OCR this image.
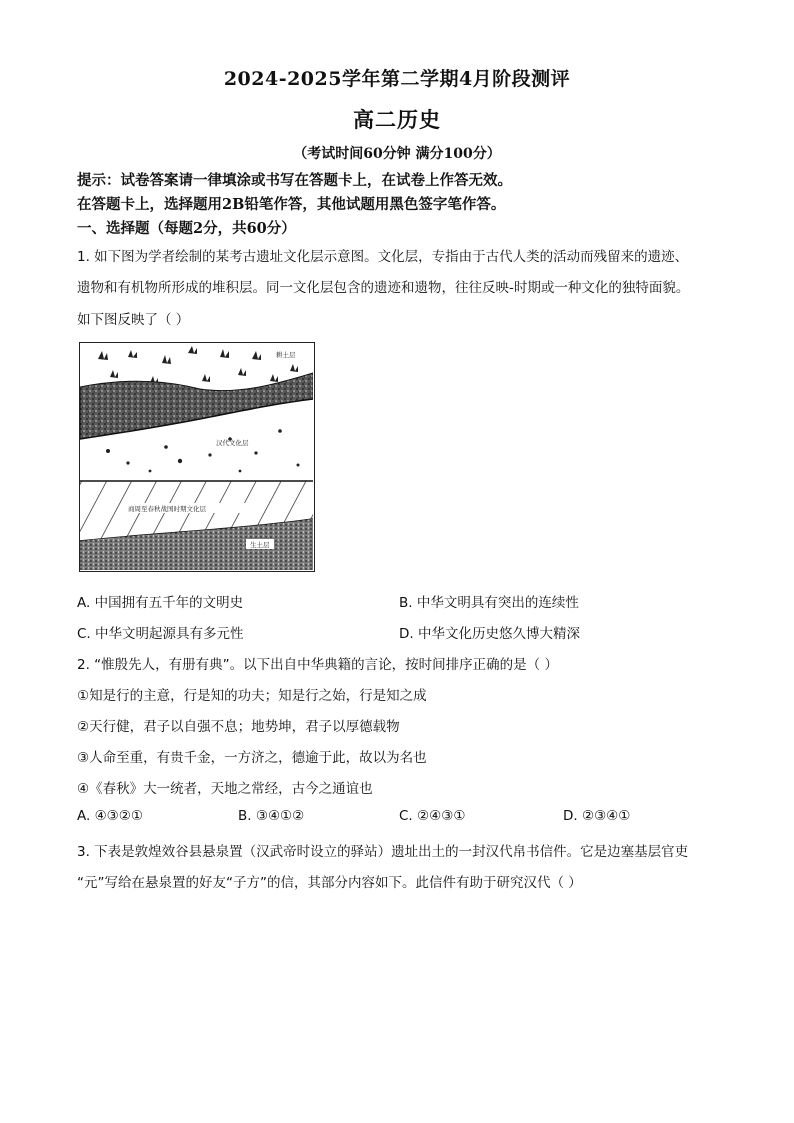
2024-2025学年第二学期4月阶段测评
高二历史
（考试时间60分钟 满分100分）
提示：试卷答案请一律填涂或书写在答题卡上，在试卷上作答无效。
在答题卡上，选择题用2B铅笔作答，其他试题用黑色签字笔作答。
一、选择题（每题2分，共60分）
1. 如下图为学者绘制的某考古遗址文化层示意图。文化层，专指由于古代人类的活动而残留来的遗迹、
遗物和有机物所形成的堆积层。同一文化层包含的遗迹和遗物，往往反映-时期或一种文化的独特面貌。
如下图反映了（ ）
耕土层
汉代文化层
商周至春秋战国时期文化层
生土层
A. 中国拥有五千年的文明史	B. 中华文明具有突出的连续性
C. 中华文明起源具有多元性	D. 中华文化历史悠久博大精深
2. “惟殷先人，有册有典”。以下出自中华典籍的言论，按时间排序正确的是（ ）
①知是行的主意，行是知的功夫；知是行之始，行是知之成
②天行健，君子以自强不息；地势坤，君子以厚德载物
③人命至重，有贵千金，一方济之，德逾于此，故以为名也
④《春秋》大一统者，天地之常经，古今之通谊也
A. ④③②①	B. ③④①②	C. ②④③①	D. ②③④①
3. 下表是敦煌效谷县悬泉置（汉武帝时设立的驿站）遗址出土的一封汉代帛书信件。它是边塞基层官吏
“元”写给在悬泉置的好友“子方”的信，其部分内容如下。此信件有助于研究汉代（ ）
